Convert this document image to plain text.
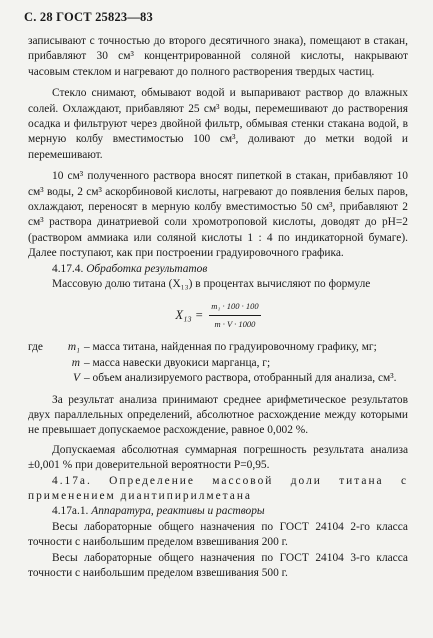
С. 28 ГОСТ 25823—83

записывают с точностью до второго десятичного знака), помещают в стакан, прибавляют 30 см³ концентрированной соляной кислоты, накрывают часовым стеклом и нагревают до полного растворения твердых частиц.

Стекло снимают, обмывают водой и выпаривают раствор до влажных солей. Охлаждают, прибавляют 25 см³ воды, перемешивают до растворения осадка и фильтруют через двойной фильтр, обмывая стенки стакана водой, в мерную колбу вместимостью 100 см³, доливают до метки водой и перемешивают.

10 см³ полученного раствора вносят пипеткой в стакан, прибавляют 10 см³ воды, 2 см³ аскорбиновой кислоты, нагревают до появления белых паров, охлаждают, переносят в мерную колбу вместимостью 50 см³, прибавляют 2 см³ раствора динатриевой соли хромотроповой кислоты, доводят до pH=2 (раствором аммиака или соляной кислоты 1 : 4 по индикаторной бумаге). Далее поступают, как при построении градуировочного графика.

4.17.4. Обработка результатов

Массовую долю титана (X₁₃) в процентах вычисляют по формуле

$X_{13} = \frac{\text{m₁ · 100 · 100}}{m \cdot V \cdot 1000}$
где	m₁ – масса титана, найденная по градуировочному графику, мг;
m – масса навески двуокиси марганца, г;
V – объем анализируемого раствора, отобранный для анализа, см³.

За результат анализа принимают среднее арифметическое результатов двух параллельных определений, абсолютное расхождение между которыми не превышает допускаемое расхождение, равное 0,002 %.

Допускаемая абсолютная суммарная погрешность результата анализа ±0,001 % при доверительной вероятности P=0,95.

4.17а. Определение массовой доли титана с применением диантипирилметана

4.17а.1. Аппаратура, реактивы и растворы

Весы лабораторные общего назначения по ГОСТ 24104 2-го класса точности с наибольшим пределом взвешивания 200 г.

Весы лабораторные общего назначения по ГОСТ 24104 3-го класса точности с наибольшим пределом взвешивания 500 г.
